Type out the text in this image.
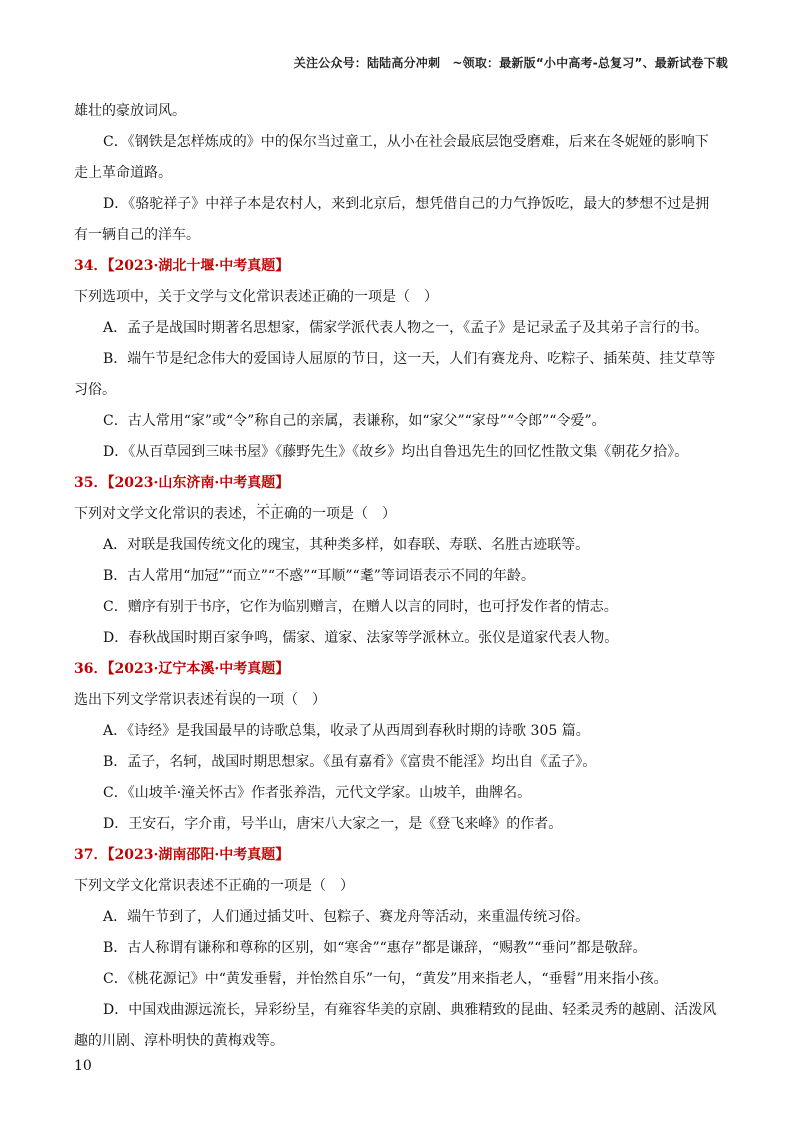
关注公众号：陆陆高分冲刺　~领取：最新版“小中高考-总复习”、最新试卷下载
雄壮的豪放词风。
C．《钢铁是怎样炼成的》中的保尔当过童工，从小在社会最底层饱受磨难，后来在冬妮娅的影响下
走上革命道路。
D．《骆驼祥子》中祥子本是农村人，来到北京后，想凭借自己的力气挣饭吃，最大的梦想不过是拥
有一辆自己的洋车。
34．【2023·湖北十堰·中考真题】
下列选项中，关于文学与文化常识表述正确的一项是（　）
A．孟子是战国时期著名思想家，儒家学派代表人物之一，《孟子》是记录孟子及其弟子言行的书。
B．端午节是纪念伟大的爱国诗人屈原的节日，这一天，人们有赛龙舟、吃粽子、插茱萸、挂艾草等
习俗。
C．古人常用“家”或“令”称自己的亲属，表谦称，如“家父”“家母”“令郎”“令爱”。
D．《从百草园到三味书屋》《藤野先生》《故乡》均出自鲁迅先生的回忆性散文集《朝花夕拾》。
35．【2023·山东济南·中考真题】
下列对文学文化常识的表述，· · · 不正确的一项是（　）
A．对联是我国传统文化的瑰宝，其种类多样，如春联、寿联、名胜古迹联等。
B．古人常用“加冠”“而立”“不惑”“耳顺”“耄”等词语表示不同的年龄。
C．赠序有别于书序，它作为临别赠言，在赠人以言的同时，也可抒发作者的情志。
D．春秋战国时期百家争鸣，儒家、道家、法家等学派林立。张仪是道家代表人物。
36．【2023·辽宁本溪·中考真题】
选出下列文学常识表述· · · 有误的一项（　）
A．《诗经》是我国最早的诗歌总集，收录了从西周到春秋时期的诗歌 305 篇。
B．孟子，名轲，战国时期思想家。《虽有嘉肴》《富贵不能淫》均出自《孟子》。
C．《山坡羊·潼关怀古》作者张养浩，元代文学家。山坡羊，曲牌名。
D．王安石，字介甫，号半山，唐宋八大家之一，是《登飞来峰》的作者。
37．【2023·湖南邵阳·中考真题】
下列文学文化常识表述不正确的一项是（　）
A．端午节到了，人们通过插艾叶、包粽子、赛龙舟等活动，来重温传统习俗。
B．古人称谓有谦称和尊称的区别，如“寒舍”“惠存”都是谦辞，“赐教”“垂问”都是敬辞。
C．《桃花源记》中“黄发垂髫，并怡然自乐”一句，“黄发”用来指老人，“垂髫”用来指小孩。
D．中国戏曲源远流长，异彩纷呈，有雍容华美的京剧、典雅精致的昆曲、轻柔灵秀的越剧、活泼风
趣的川剧、淳朴明快的黄梅戏等。
10
